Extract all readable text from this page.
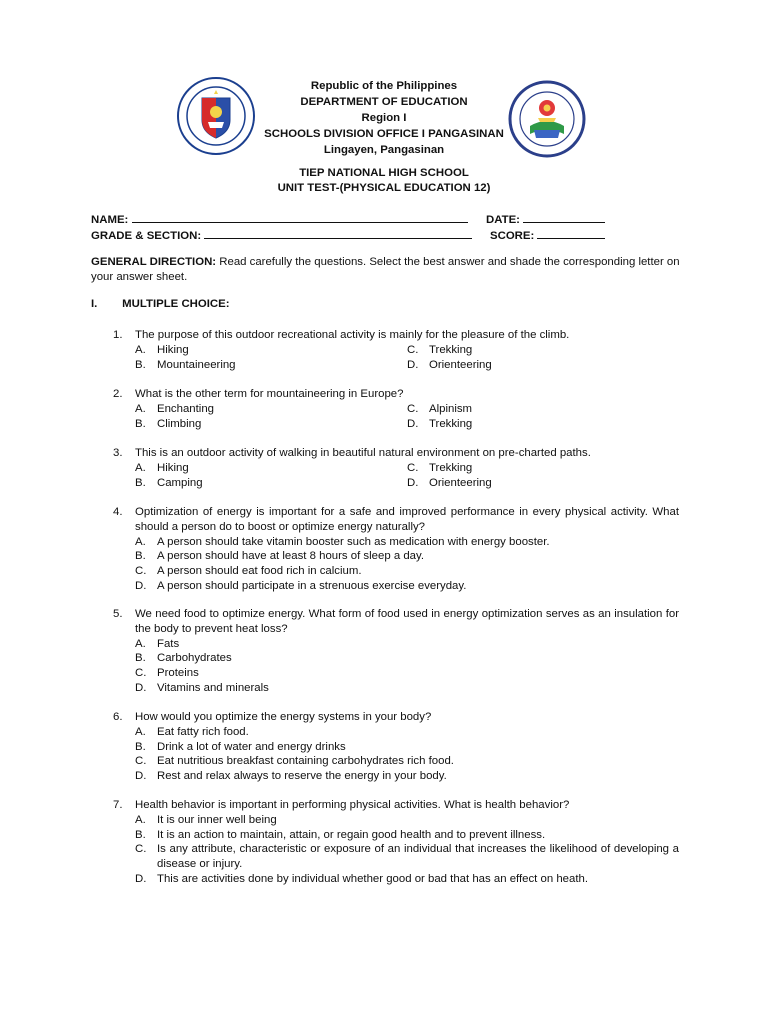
Republic of the Philippines
DEPARTMENT OF EDUCATION
Region I
SCHOOLS DIVISION OFFICE I PANGASINAN
Lingayen, Pangasinan
TIEP NATIONAL HIGH SCHOOL
UNIT TEST-(PHYSICAL EDUCATION 12)
NAME:	DATE:
GRADE & SECTION:	SCORE:
GENERAL DIRECTION: Read carefully the questions. Select the best answer and shade the corresponding letter on your answer sheet.
I. MULTIPLE CHOICE:
1.	The purpose of this outdoor recreational activity is mainly for the pleasure of the climb.
A. Hiking	C. Trekking
B. Mountaineering	D. Orienteering
2.	What is the other term for mountaineering in Europe?
A. Enchanting	C. Alpinism
B. Climbing	D. Trekking
3.	This is an outdoor activity of walking in beautiful natural environment on pre-charted paths.
A. Hiking	C. Trekking
B. Camping	D. Orienteering
4.	Optimization of energy is important for a safe and improved performance in every physical activity. What should a person do to boost or optimize energy naturally?
A. A person should take vitamin booster such as medication with energy booster.
B. A person should have at least 8 hours of sleep a day.
C. A person should eat food rich in calcium.
D. A person should participate in a strenuous exercise everyday.
5.	We need food to optimize energy. What form of food used in energy optimization serves as an insulation for the body to prevent heat loss?
A. Fats
B. Carbohydrates
C. Proteins
D. Vitamins and minerals
6.	How would you optimize the energy systems in your body?
A. Eat fatty rich food.
B. Drink a lot of water and energy drinks
C. Eat nutritious breakfast containing carbohydrates rich food.
D. Rest and relax always to reserve the energy in your body.
7.	Health behavior is important in performing physical activities. What is health behavior?
A. It is our inner well being
B. It is an action to maintain, attain, or regain good health and to prevent illness.
C. Is any attribute, characteristic or exposure of an individual that increases the likelihood of developing a disease or injury.
D. This are activities done by individual whether good or bad that has an effect on heath.
